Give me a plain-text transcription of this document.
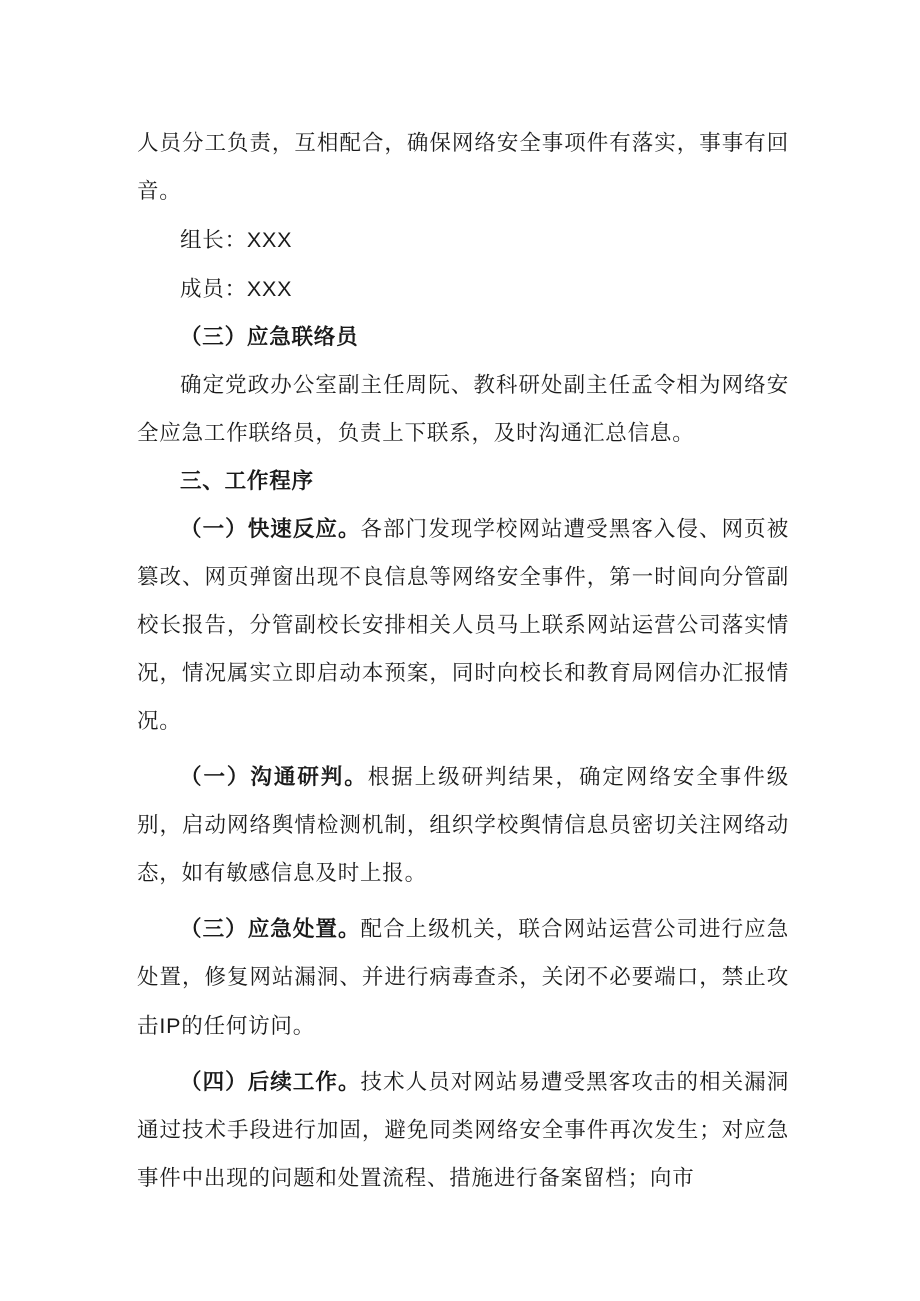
人员分工负责，互相配合，确保网络安全事项件有落实，事事有回音。

组长：XXX

成员：XXX

（三）应急联络员

确定党政办公室副主任周阮、教科研处副主任孟令相为网络安全应急工作联络员，负责上下联系，及时沟通汇总信息。

三、工作程序

（一）快速反应。各部门发现学校网站遭受黑客入侵、网页被篡改、网页弹窗出现不良信息等网络安全事件，第一时间向分管副校长报告，分管副校长安排相关人员马上联系网站运营公司落实情况，情况属实立即启动本预案，同时向校长和教育局网信办汇报情况。

（一）沟通研判。根据上级研判结果，确定网络安全事件级别，启动网络舆情检测机制，组织学校舆情信息员密切关注网络动态，如有敏感信息及时上报。

（三）应急处置。配合上级机关，联合网站运营公司进行应急处置，修复网站漏洞、并进行病毒查杀，关闭不必要端口，禁止攻击IP的任何访问。

（四）后续工作。技术人员对网站易遭受黑客攻击的相关漏洞通过技术手段进行加固，避免同类网络安全事件再次发生；对应急事件中出现的问题和处置流程、措施进行备案留档；向市
